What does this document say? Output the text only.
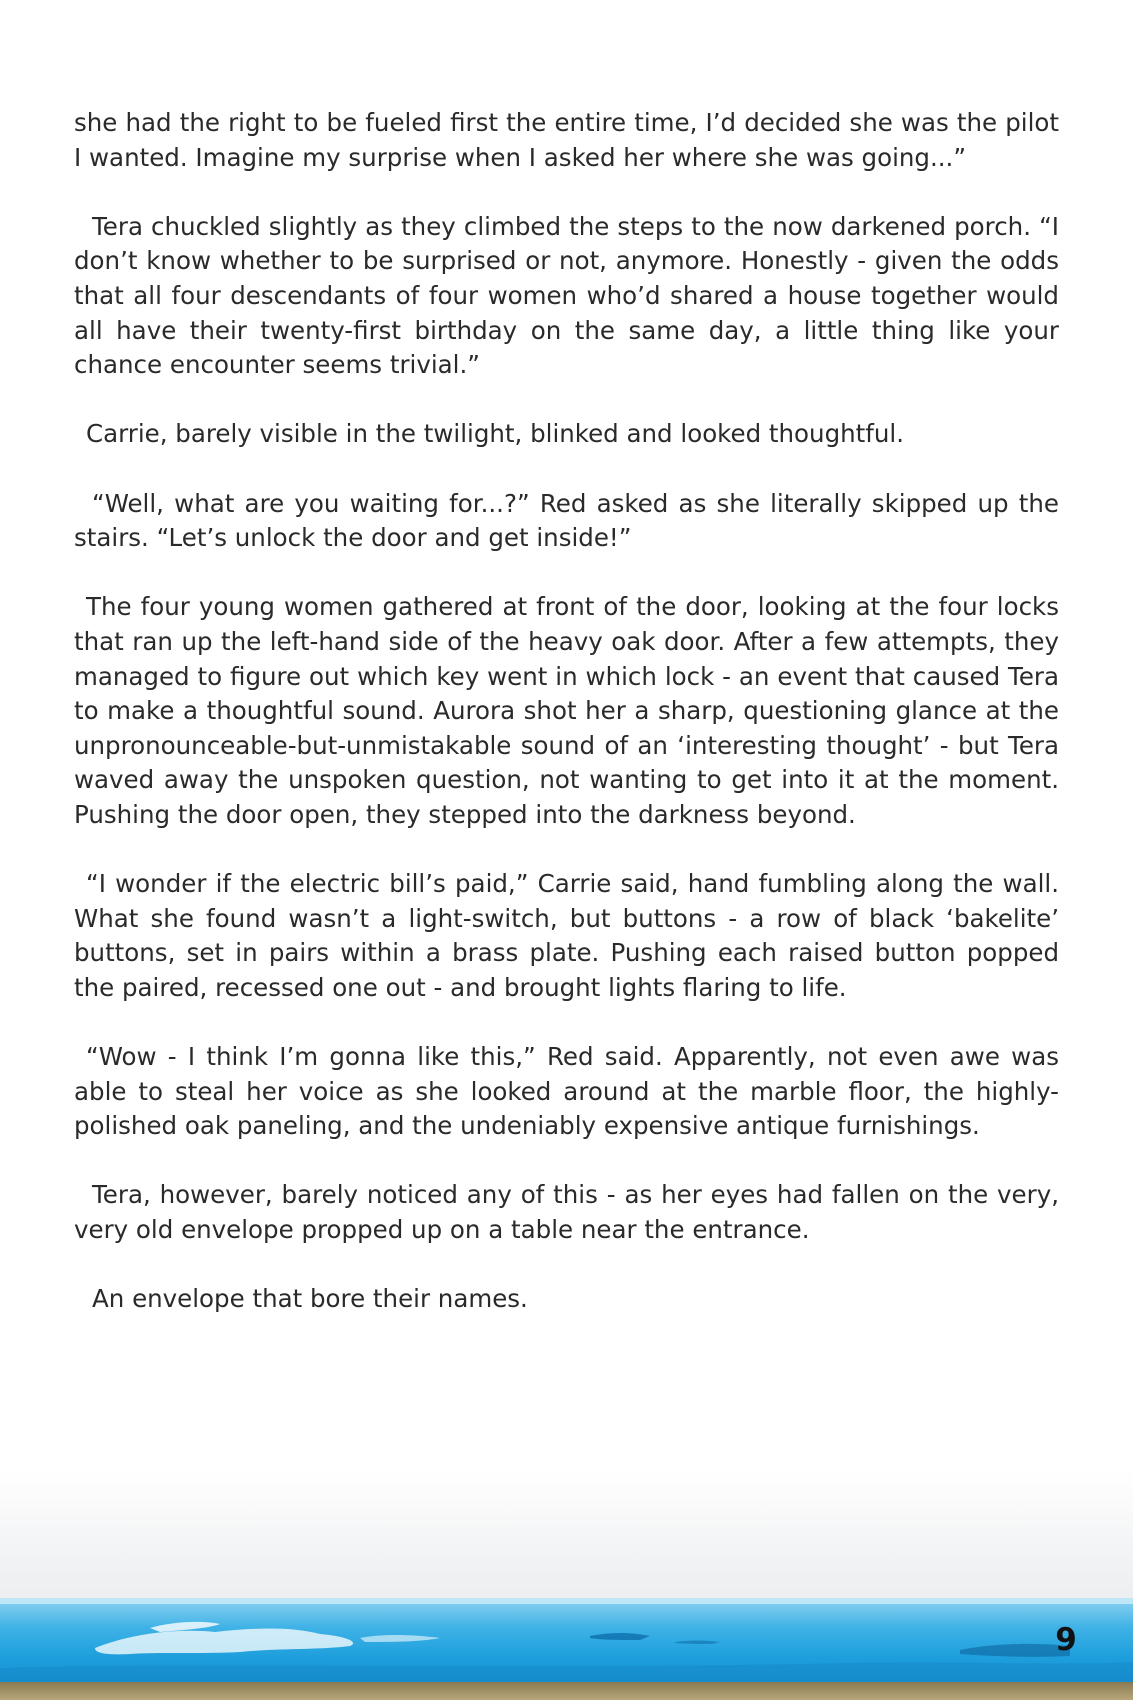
she had the right to be fueled first the entire time, I’d decided she was the pilot I wanted. Imagine my surprise when I asked her where she was going...”

Tera chuckled slightly as they climbed the steps to the now darkened porch. “I don’t know whether to be surprised or not, anymore. Honestly - given the odds that all four descendants of four women who’d shared a house together would all have their twenty-first birthday on the same day, a little thing like your chance encounter seems trivial.”

Carrie, barely visible in the twilight, blinked and looked thoughtful.

“Well, what are you waiting for...?” Red asked as she literally skipped up the stairs. “Let’s unlock the door and get inside!”

The four young women gathered at front of the door, looking at the four locks that ran up the left-hand side of the heavy oak door. After a few attempts, they managed to figure out which key went in which lock - an event that caused Tera to make a thoughtful sound. Aurora shot her a sharp, questioning glance at the unpronounceable-but-unmistakable sound of an ‘interesting thought’ - but Tera waved away the unspoken question, not wanting to get into it at the moment. Pushing the door open, they stepped into the darkness beyond.

“I wonder if the electric bill’s paid,” Carrie said, hand fumbling along the wall. What she found wasn’t a light-switch, but buttons - a row of black ‘bakelite’ buttons, set in pairs within a brass plate. Pushing each raised button popped the paired, recessed one out - and brought lights flaring to life.

“Wow - I think I’m gonna like this,” Red said. Apparently, not even awe was able to steal her voice as she looked around at the marble floor, the highly-polished oak paneling, and the undeniably expensive antique furnishings.

Tera, however, barely noticed any of this - as her eyes had fallen on the very, very old envelope propped up on a table near the entrance.

An envelope that bore their names.

9
